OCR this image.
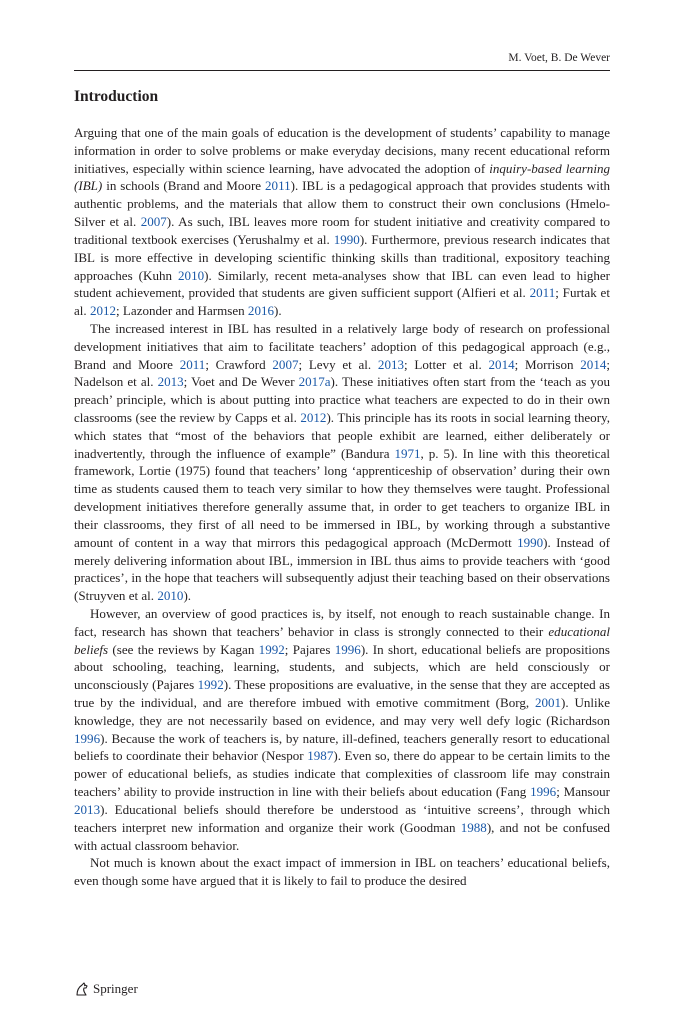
M. Voet, B. De Wever
Introduction

Arguing that one of the main goals of education is the development of students’ capability to manage information in order to solve problems or make everyday decisions, many recent educational reform initiatives, especially within science learning, have advocated the adoption of inquiry-based learning (IBL) in schools (Brand and Moore 2011). IBL is a pedagogical approach that provides students with authentic problems, and the materials that allow them to construct their own conclusions (Hmelo-Silver et al. 2007). As such, IBL leaves more room for student initiative and creativity compared to traditional textbook exercises (Yerushalmy et al. 1990). Furthermore, previous research indicates that IBL is more effective in developing scientific thinking skills than traditional, expository teaching approaches (Kuhn 2010). Similarly, recent meta-analyses show that IBL can even lead to higher student achievement, provided that students are given sufficient support (Alfieri et al. 2011; Furtak et al. 2012; Lazonder and Harmsen 2016).

The increased interest in IBL has resulted in a relatively large body of research on professional development initiatives that aim to facilitate teachers’ adoption of this pedagogical approach (e.g., Brand and Moore 2011; Crawford 2007; Levy et al. 2013; Lotter et al. 2014; Morrison 2014; Nadelson et al. 2013; Voet and De Wever 2017a). These initiatives often start from the ‘teach as you preach’ principle, which is about putting into practice what teachers are expected to do in their own classrooms (see the review by Capps et al. 2012). This principle has its roots in social learning theory, which states that “most of the behaviors that people exhibit are learned, either deliberately or inadvertently, through the influence of example” (Bandura 1971, p. 5). In line with this theoretical framework, Lortie (1975) found that teachers’ long ‘apprenticeship of observation’ during their own time as students caused them to teach very similar to how they themselves were taught. Professional development initiatives therefore generally assume that, in order to get teachers to organize IBL in their classrooms, they first of all need to be immersed in IBL, by working through a substantive amount of content in a way that mirrors this pedagogical approach (McDermott 1990). Instead of merely delivering information about IBL, immersion in IBL thus aims to provide teachers with ‘good practices’, in the hope that teachers will subsequently adjust their teaching based on their observations (Struyven et al. 2010).

However, an overview of good practices is, by itself, not enough to reach sustainable change. In fact, research has shown that teachers’ behavior in class is strongly connected to their educational beliefs (see the reviews by Kagan 1992; Pajares 1996). In short, educational beliefs are propositions about schooling, teaching, learning, students, and subjects, which are held consciously or unconsciously (Pajares 1992). These propositions are evaluative, in the sense that they are accepted as true by the individual, and are therefore imbued with emotive commitment (Borg, 2001). Unlike knowledge, they are not necessarily based on evidence, and may very well defy logic (Richardson 1996). Because the work of teachers is, by nature, ill-defined, teachers generally resort to educational beliefs to coordinate their behavior (Nespor 1987). Even so, there do appear to be certain limits to the power of educational beliefs, as studies indicate that complexities of classroom life may constrain teachers’ ability to provide instruction in line with their beliefs about education (Fang 1996; Mansour 2013). Educational beliefs should therefore be understood as ‘intuitive screens’, through which teachers interpret new information and organize their work (Goodman 1988), and not be confused with actual classroom behavior.

Not much is known about the exact impact of immersion in IBL on teachers’ educational beliefs, even though some have argued that it is likely to fail to produce the desired

Springer
